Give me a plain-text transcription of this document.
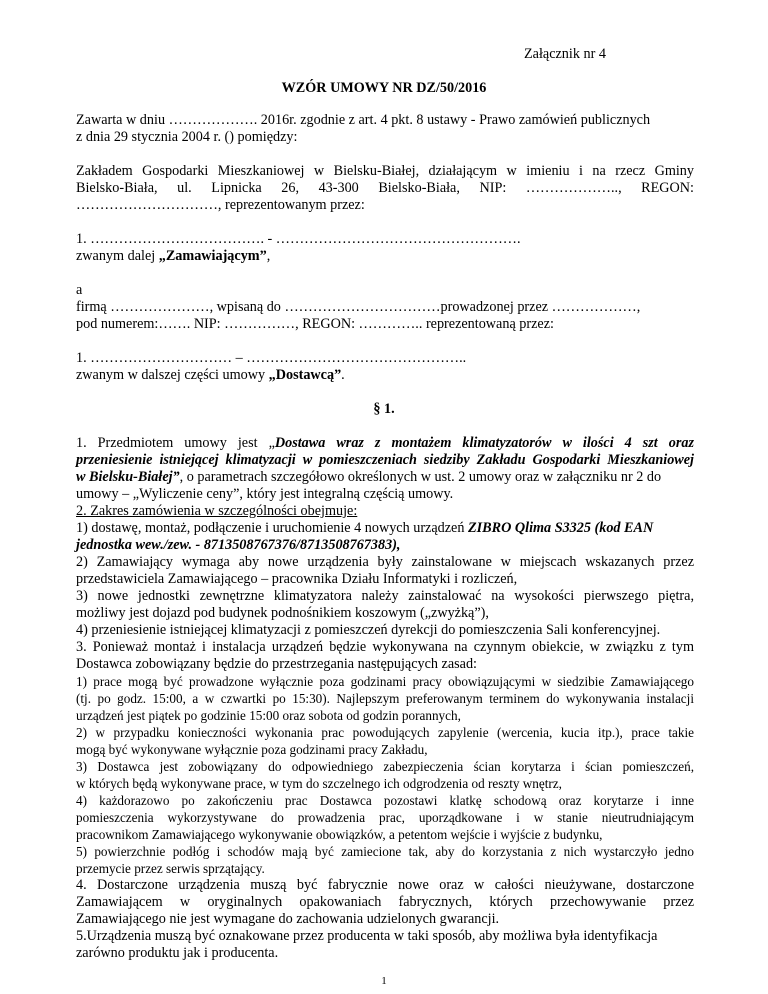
Załącznik nr 4
WZÓR UMOWY NR DZ/50/2016
Zawarta w dniu ………………. 2016r. zgodnie z art. 4 pkt. 8 ustawy - Prawo zamówień publicznych
z dnia 29 stycznia 2004 r. () pomiędzy:
Zakładem Gospodarki Mieszkaniowej w Bielsku-Białej, działającym w imieniu i na rzecz Gminy
Bielsko-Biała, ul. Lipnicka 26, 43-300 Bielsko-Biała, NIP: ……………….., REGON:
…………………………, reprezentowanym przez:
1. ………………………………. - …………………………………………….
zwanym dalej „Zamawiającym”,
a
firmą …………………, wpisaną do ……………………………prowadzonej przez ………………,
pod numerem:……. NIP: ……………, REGON: ………….. reprezentowaną przez:
1. ………………………… – ………………………………………..
zwanym w dalszej części umowy „Dostawcą”.
§ 1.
1. Przedmiotem umowy jest „Dostawa wraz z montażem klimatyzatorów w ilości 4 szt oraz
przeniesienie istniejącej klimatyzacji w pomieszczeniach siedziby Zakładu Gospodarki Mieszkaniowej
w Bielsku-Białej”, o parametrach szczegółowo określonych w ust. 2 umowy oraz w załączniku nr 2 do
umowy – „Wyliczenie ceny”, który jest integralną częścią umowy.
2. Zakres zamówienia w szczególności obejmuje:
1) dostawę, montaż, podłączenie i uruchomienie 4 nowych urządzeń ZIBRO Qlima S3325 (kod EAN
jednostka wew./zew. - 8713508767376/8713508767383),
2) Zamawiający wymaga aby nowe urządzenia były zainstalowane w miejscach wskazanych przez
przedstawiciela Zamawiającego – pracownika Działu Informatyki i rozliczeń,
3) nowe jednostki zewnętrzne klimatyzatora należy zainstalować na wysokości pierwszego piętra,
możliwy jest dojazd pod budynek podnośnikiem koszowym („zwyżką”),
4) przeniesienie istniejącej klimatyzacji z pomieszczeń dyrekcji do pomieszczenia Sali konferencyjnej.
3. Ponieważ montaż i instalacja urządzeń będzie wykonywana na czynnym obiekcie, w związku z tym
Dostawca zobowiązany będzie do przestrzegania następujących zasad:
1) prace mogą być prowadzone wyłącznie poza godzinami pracy obowiązującymi w siedzibie Zamawiającego
(tj. po godz. 15:00, a w czwartki po 15:30). Najlepszym preferowanym terminem do wykonywania instalacji
urządzeń jest piątek po godzinie 15:00 oraz sobota od godzin porannych,
2) w przypadku konieczności wykonania prac powodujących zapylenie (wercenia, kucia itp.), prace takie
mogą być wykonywane wyłącznie poza godzinami pracy Zakładu,
3) Dostawca jest zobowiązany do odpowiedniego zabezpieczenia ścian korytarza i ścian pomieszczeń,
w których będą wykonywane prace, w tym do szczelnego ich odgrodzenia od reszty wnętrz,
4) każdorazowo po zakończeniu prac Dostawca pozostawi klatkę schodową oraz korytarze i inne
pomieszczenia wykorzystywane do prowadzenia prac, uporządkowane i w stanie nieutrudniającym
pracownikom Zamawiającego wykonywanie obowiązków, a petentom wejście i wyjście z budynku,
5) powierzchnie podłóg i schodów mają być zamiecione tak, aby do korzystania z nich wystarczyło jedno
przemycie przez serwis sprzątający.
4. Dostarczone urządzenia muszą być fabrycznie nowe oraz w całości nieużywane, dostarczone
Zamawiającem w oryginalnych opakowaniach fabrycznych, których przechowywanie przez
Zamawiającego nie jest wymagane do zachowania udzielonych gwarancji.
5.Urządzenia muszą być oznakowane przez producenta w taki sposób, aby możliwa była identyfikacja
zarówno produktu jak i producenta.
1
